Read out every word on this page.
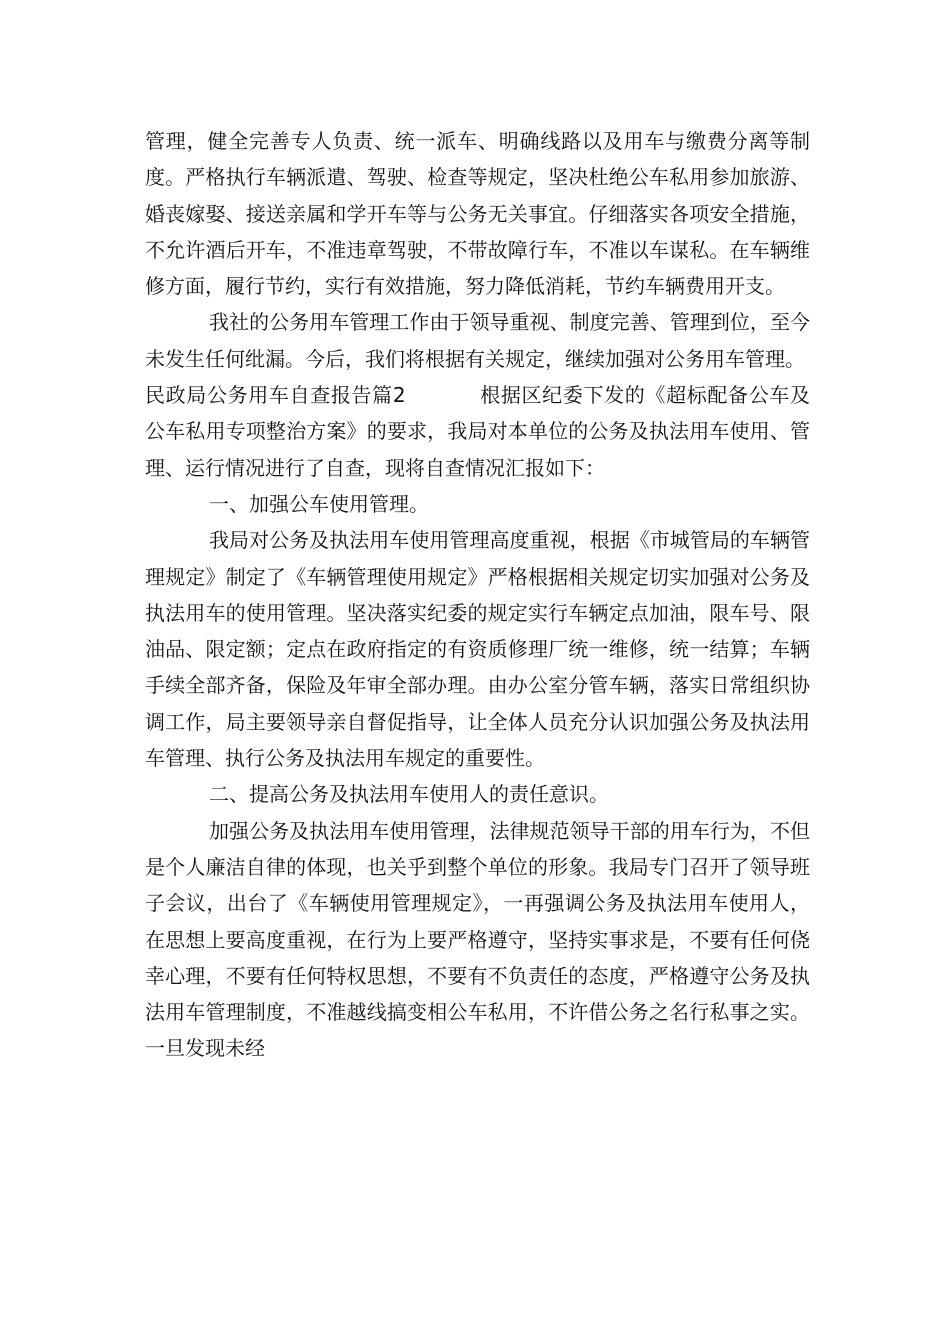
管理，健全完善专人负责、统一派车、明确线路以及用车与缴费分离等制度。严格执行车辆派遣、驾驶、检查等规定，坚决杜绝公车私用参加旅游、婚丧嫁娶、接送亲属和学开车等与公务无关事宜。仔细落实各项安全措施，不允许酒后开车，不准违章驾驶，不带故障行车，不准以车谋私。在车辆维修方面，履行节约，实行有效措施，努力降低消耗，节约车辆费用开支。

我社的公务用车管理工作由于领导重视、制度完善、管理到位，至今未发生任何纰漏。今后，我们将根据有关规定，继续加强对公务用车管理。

民政局公务用车自查报告篇2	根据区纪委下发的《超标配备公车及公车私用专项整治方案》的要求，我局对本单位的公务及执法用车使用、管理、运行情况进行了自查，现将自查情况汇报如下：

一、加强公车使用管理。

我局对公务及执法用车使用管理高度重视，根据《市城管局的车辆管理规定》制定了《车辆管理使用规定》严格根据相关规定切实加强对公务及执法用车的使用管理。坚决落实纪委的规定实行车辆定点加油，限车号、限油品、限定额；定点在政府指定的有资质修理厂统一维修，统一结算；车辆手续全部齐备，保险及年审全部办理。由办公室分管车辆，落实日常组织协调工作，局主要领导亲自督促指导，让全体人员充分认识加强公务及执法用车管理、执行公务及执法用车规定的重要性。

二、提高公务及执法用车使用人的责任意识。

加强公务及执法用车使用管理，法律规范领导干部的用车行为，不但是个人廉洁自律的体现，也关乎到整个单位的形象。我局专门召开了领导班子会议，出台了《车辆使用管理规定》，一再强调公务及执法用车使用人，在思想上要高度重视，在行为上要严格遵守，坚持实事求是，不要有任何侥幸心理，不要有任何特权思想，不要有不负责任的态度，严格遵守公务及执法用车管理制度，不准越线搞变相公车私用，不许借公务之名行私事之实。一旦发现未经
